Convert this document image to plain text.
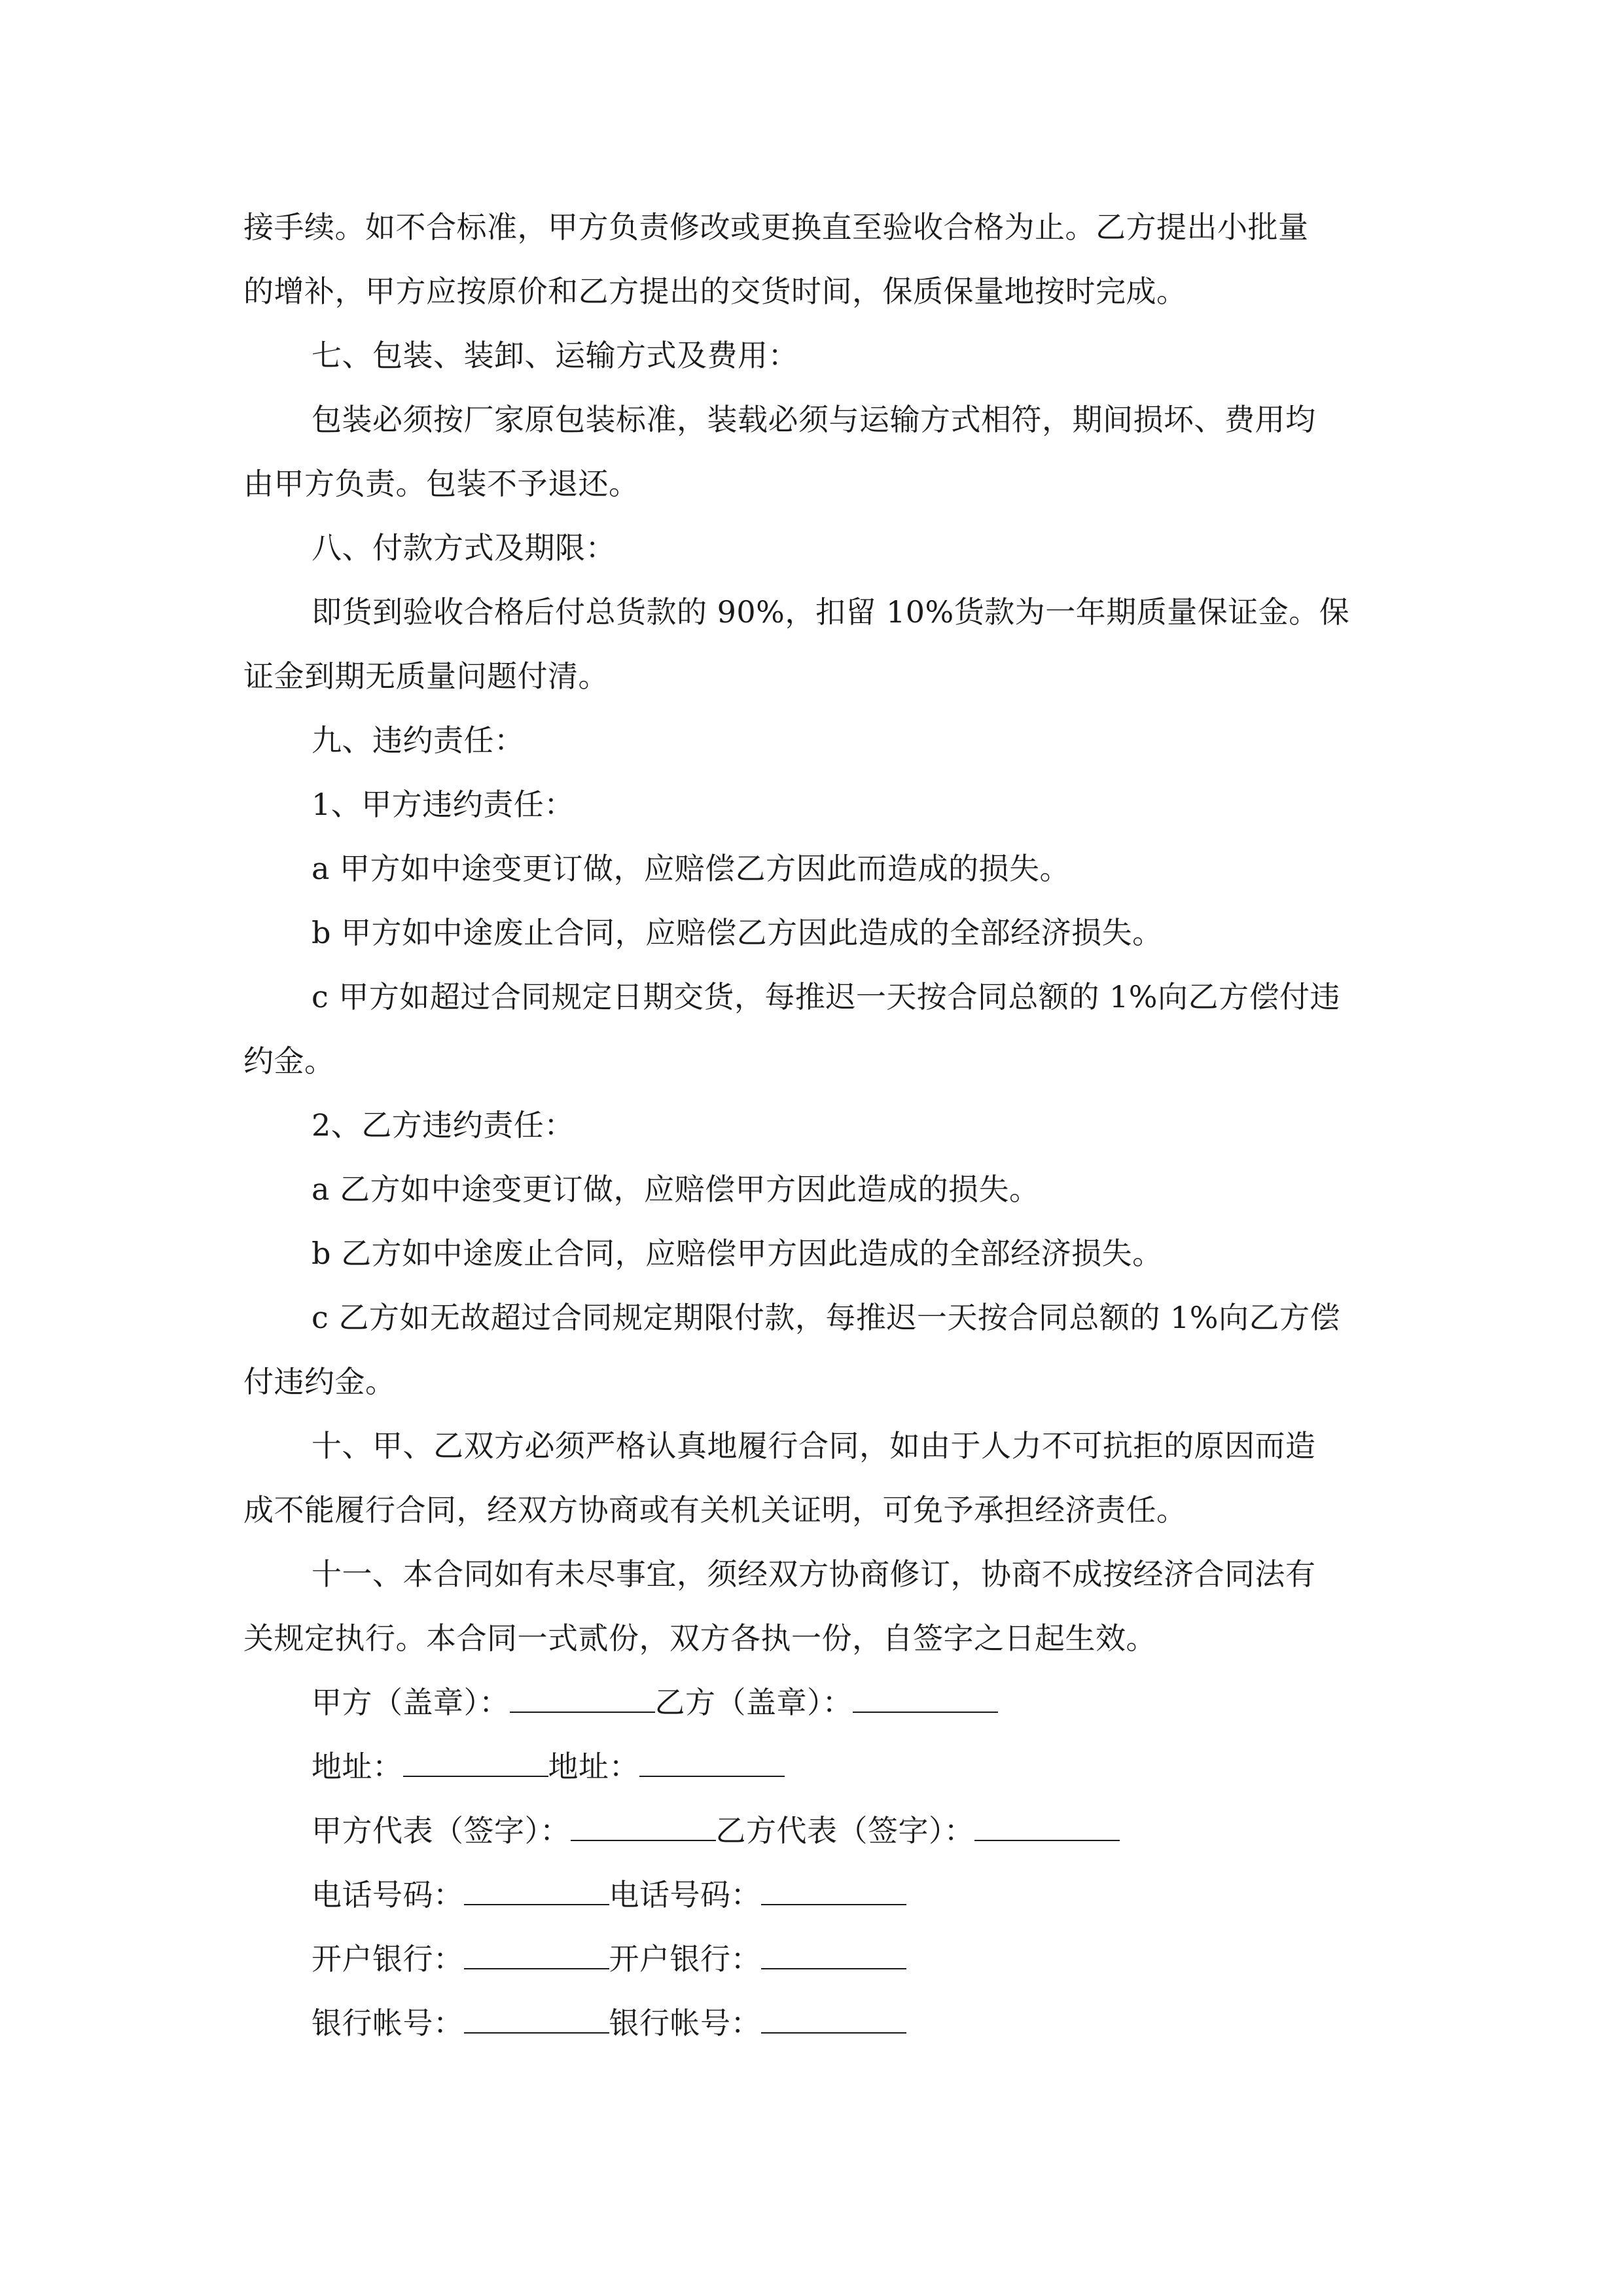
接手续。如不合标准，甲方负责修改或更换直至验收合格为止。乙方提出小批量
的增补，甲方应按原价和乙方提出的交货时间，保质保量地按时完成。
七、包装、装卸、运输方式及费用：
包装必须按厂家原包装标准，装载必须与运输方式相符，期间损坏、费用均
由甲方负责。包装不予退还。
八、付款方式及期限：
即货到验收合格后付总货款的 90%，扣留 10%货款为一年期质量保证金。保
证金到期无质量问题付清。
九、违约责任：
1、甲方违约责任：
a 甲方如中途变更订做，应赔偿乙方因此而造成的损失。
b 甲方如中途废止合同，应赔偿乙方因此造成的全部经济损失。
c 甲方如超过合同规定日期交货，每推迟一天按合同总额的 1%向乙方偿付违
约金。
2、乙方违约责任：
a 乙方如中途变更订做，应赔偿甲方因此造成的损失。
b 乙方如中途废止合同，应赔偿甲方因此造成的全部经济损失。
c 乙方如无故超过合同规定期限付款，每推迟一天按合同总额的 1%向乙方偿
付违约金。
十、甲、乙双方必须严格认真地履行合同，如由于人力不可抗拒的原因而造
成不能履行合同，经双方协商或有关机关证明，可免予承担经济责任。
十一、本合同如有未尽事宜，须经双方协商修订，协商不成按经济合同法有
关规定执行。本合同一式贰份，双方各执一份，自签字之日起生效。
甲方（盖章）：	乙方（盖章）：
地址：	地址：
甲方代表（签字）：	乙方代表（签字）：
电话号码：	电话号码：
开户银行：	开户银行：
银行帐号：	银行帐号：
